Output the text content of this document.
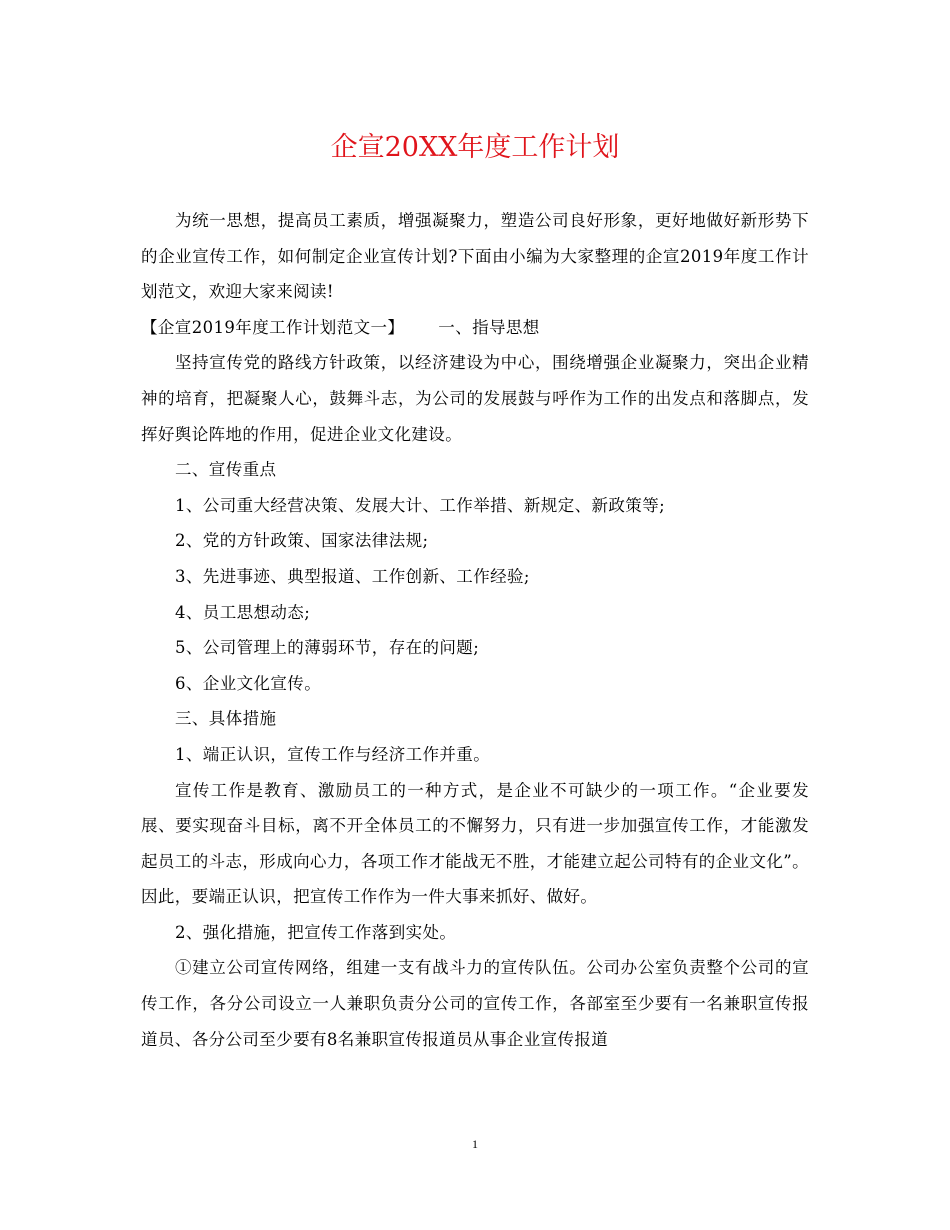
企宣20XX年度工作计划

为统一思想，提高员工素质，增强凝聚力，塑造公司良好形象，更好地做好新形势下的企业宣传工作，如何制定企业宣传计划?下面由小编为大家整理的企宣2019年度工作计划范文，欢迎大家来阅读!

【企宣2019年度工作计划范文一】 一、指导思想

坚持宣传党的路线方针政策，以经济建设为中心，围绕增强企业凝聚力，突出企业精神的培育，把凝聚人心，鼓舞斗志，为公司的发展鼓与呼作为工作的出发点和落脚点，发挥好舆论阵地的作用，促进企业文化建设。

二、宣传重点

1、公司重大经营决策、发展大计、工作举措、新规定、新政策等;

2、党的方针政策、国家法律法规;

3、先进事迹、典型报道、工作创新、工作经验;

4、员工思想动态;

5、公司管理上的薄弱环节，存在的问题;

6、企业文化宣传。

三、具体措施

1、端正认识，宣传工作与经济工作并重。

宣传工作是教育、激励员工的一种方式，是企业不可缺少的一项工作。“企业要发展、要实现奋斗目标，离不开全体员工的不懈努力，只有进一步加强宣传工作，才能激发起员工的斗志，形成向心力，各项工作才能战无不胜，才能建立起公司特有的企业文化”。因此，要端正认识，把宣传工作作为一件大事来抓好、做好。

2、强化措施，把宣传工作落到实处。

①建立公司宣传网络，组建一支有战斗力的宣传队伍。公司办公室负责整个公司的宣传工作，各分公司设立一人兼职负责分公司的宣传工作，各部室至少要有一名兼职宣传报道员、各分公司至少要有8名兼职宣传报道员从事企业宣传报道

1
